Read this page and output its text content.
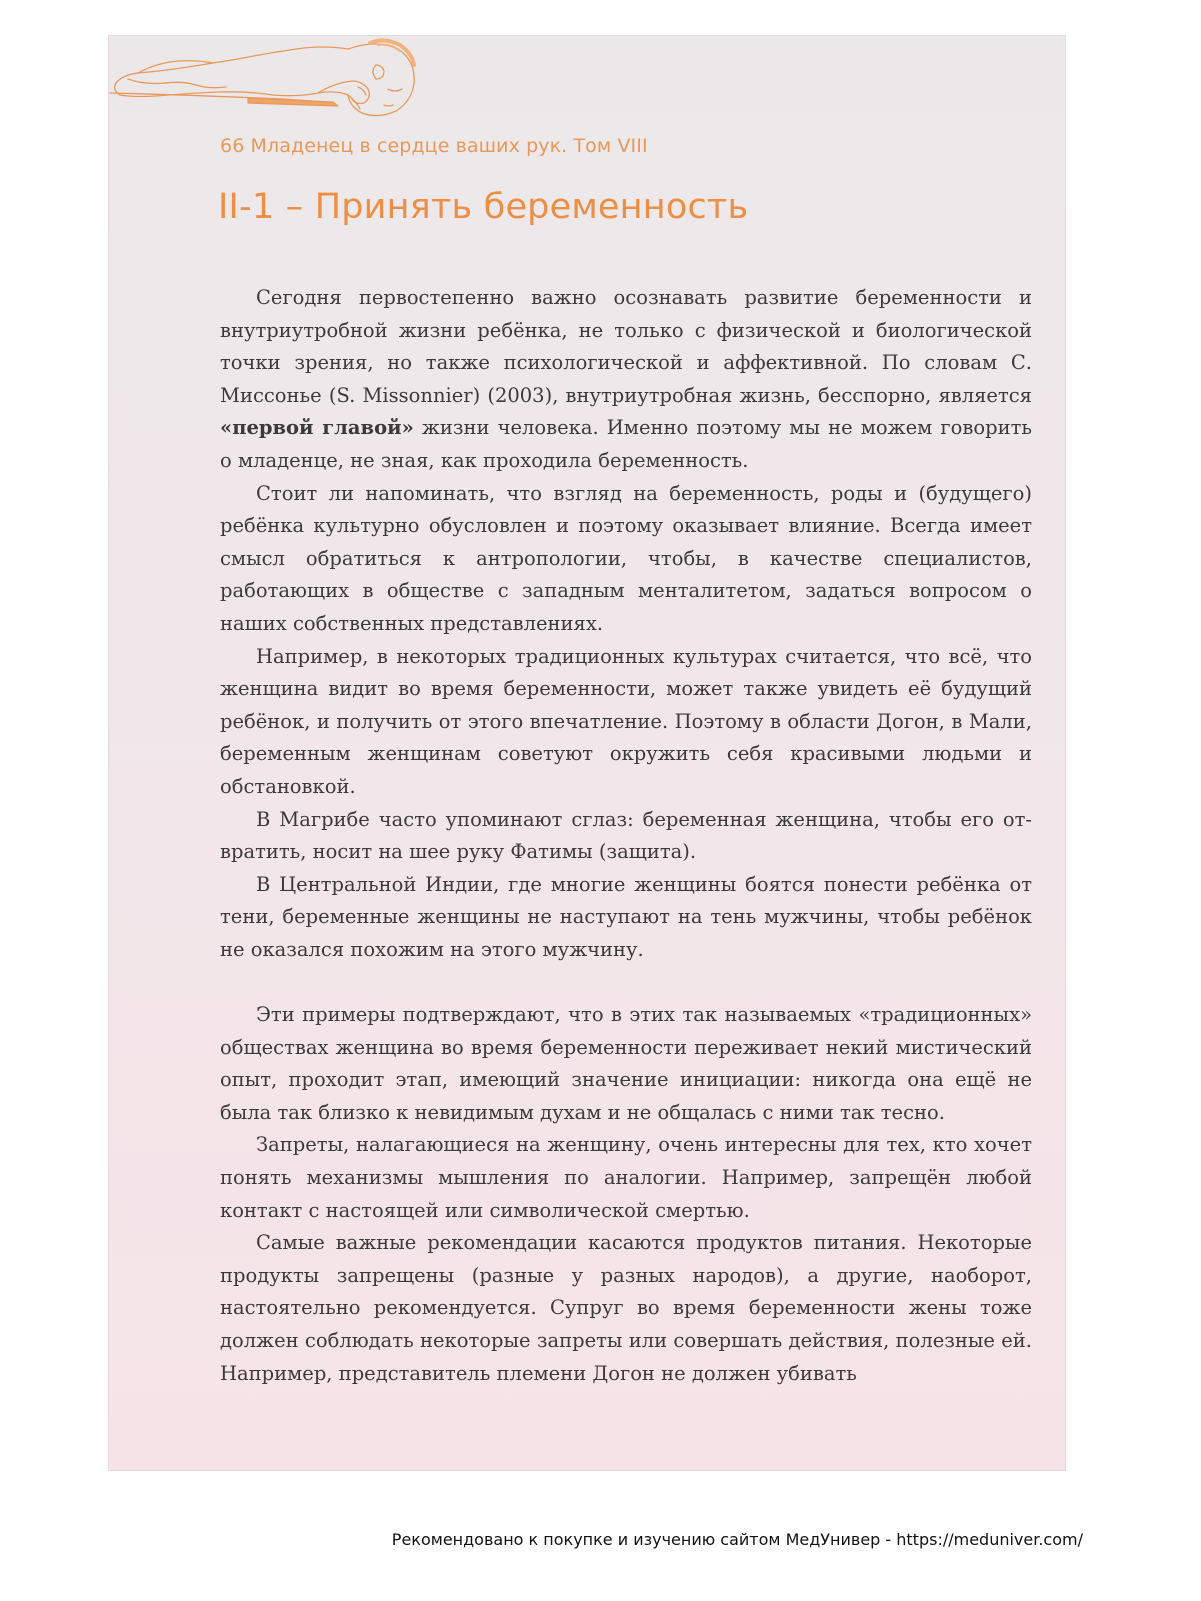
66 Младенец в сердце ваших рук. Том VIII

II-1 – Принять беременность

Сегодня первостепенно важно осознавать развитие беременности и внутриутробной жизни ребёнка, не только с физической и биологической точки зрения, но также психологической и аффективной. По словам С. Миссонье (S. Missonnier) (2003), внутриутробная жизнь, бесспорно, является «первой главой» жизни человека. Именно поэтому мы не можем говорить о младенце, не зная, как проходила беременность.

Стоит ли напоминать, что взгляд на беременность, роды и (будущего) ребёнка культурно обусловлен и поэтому оказывает влияние. Всегда имеет смысл обратиться к антропологии, чтобы, в качестве специалистов, работающих в обществе с западным менталитетом, задаться вопросом о наших собственных представлениях.

Например, в некоторых традиционных культурах считается, что всё, что женщина видит во время беременности, может также увидеть её будущий ребёнок, и получить от этого впечатление. Поэтому в области Догон, в Мали, беременным женщинам советуют окружить себя красивыми людьми и обстановкой.

В Магрибе часто упоминают сглаз: беременная женщина, чтобы его отвратить, носит на шее руку Фатимы (защита).

В Центральной Индии, где многие женщины боятся понести ребёнка от тени, беременные женщины не наступают на тень мужчины, чтобы ребёнок не оказался похожим на этого мужчину.

Эти примеры подтверждают, что в этих так называемых «традиционных» обществах женщина во время беременности переживает некий мистический опыт, проходит этап, имеющий значение инициации: никогда она ещё не была так близко к невидимым духам и не общалась с ними так тесно.

Запреты, налагающиеся на женщину, очень интересны для тех, кто хочет понять механизмы мышления по аналогии. Например, запрещён любой контакт с настоящей или символической смертью.

Самые важные рекомендации касаются продуктов питания. Некоторые продукты запрещены (разные у разных народов), а другие, наоборот, настоятельно рекомендуется. Супруг во время беременности жены тоже должен соблюдать некоторые запреты или совершать действия, полезные ей. Например, представитель племени Догон не должен убивать

Рекомендовано к покупке и изучению сайтом МедУнивер - https://meduniver.com/
